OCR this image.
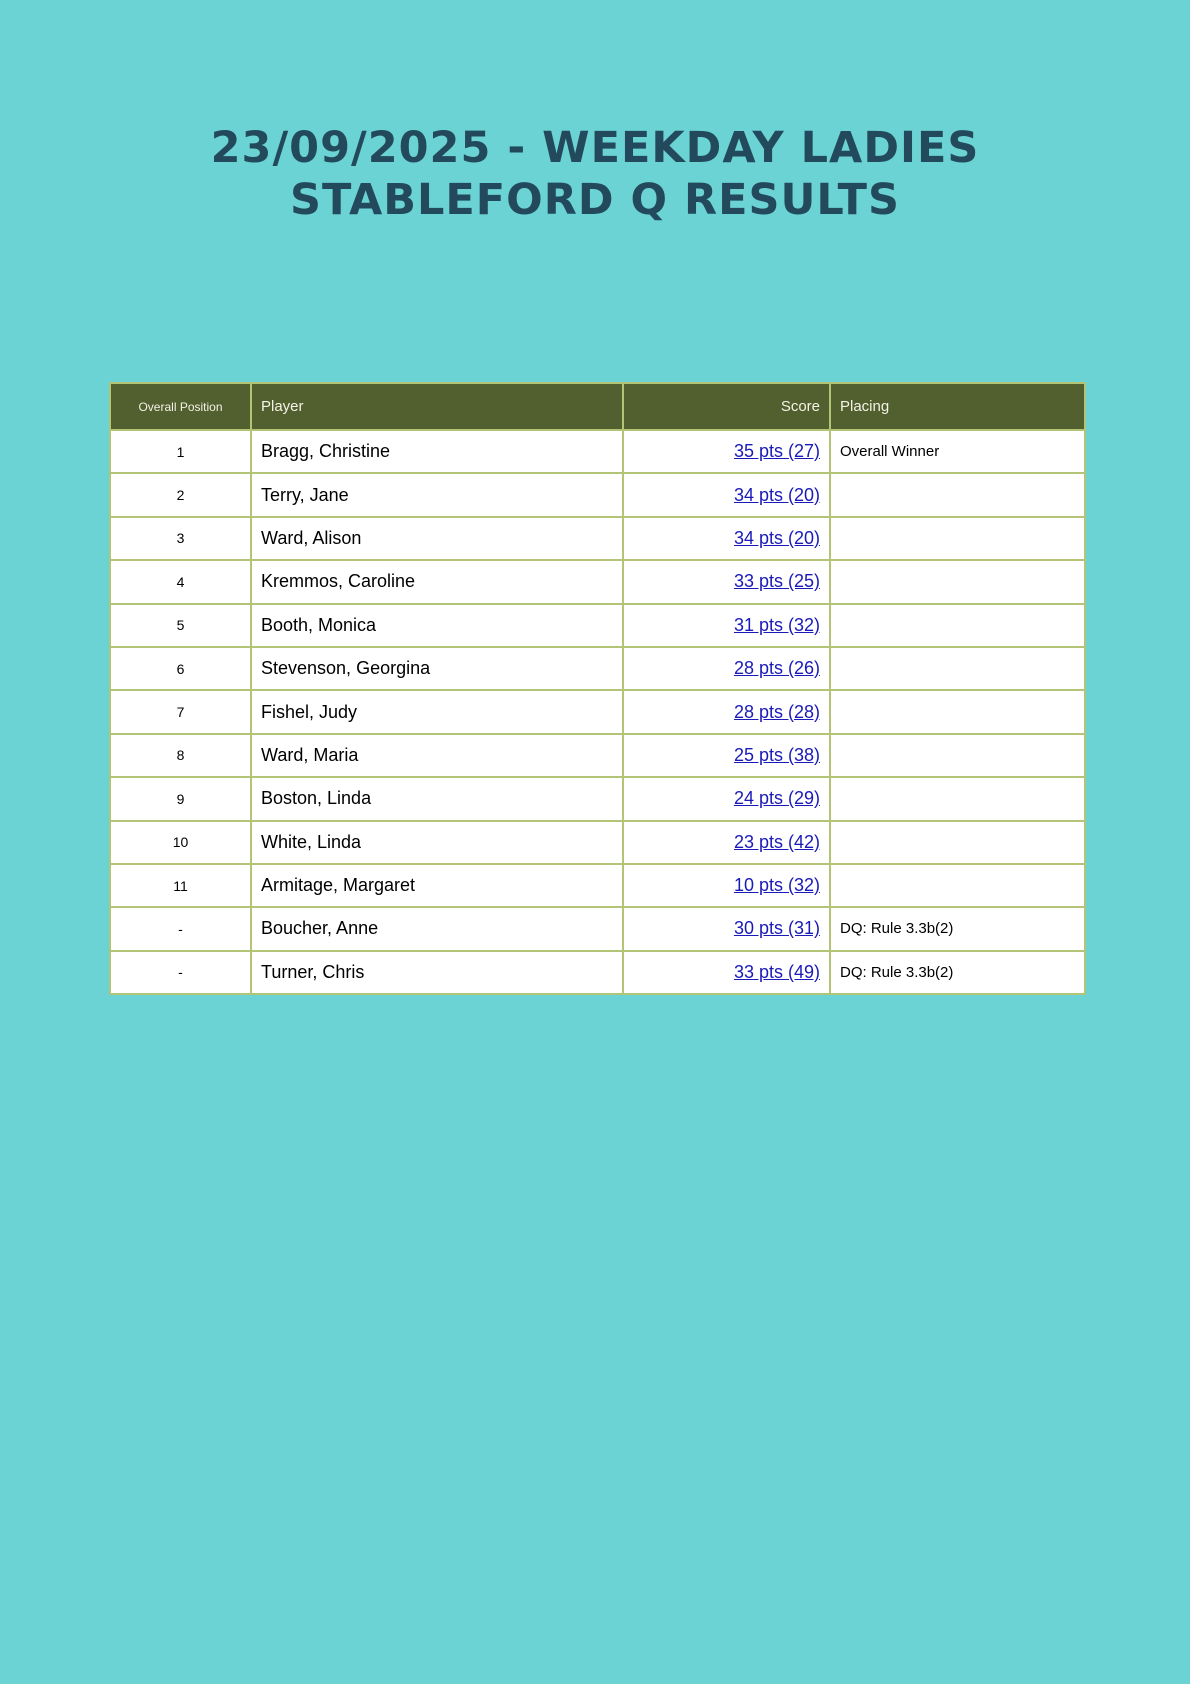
23/09/2025 - WEEKDAY LADIES STABLEFORD Q RESULTS
Overall Position	Player	Score	Placing
1	Bragg, Christine	35 pts (27)	Overall Winner
2	Terry, Jane	34 pts (20)	
3	Ward, Alison	34 pts (20)	
4	Kremmos, Caroline	33 pts (25)	
5	Booth, Monica	31 pts (32)	
6	Stevenson, Georgina	28 pts (26)	
7	Fishel, Judy	28 pts (28)	
8	Ward, Maria	25 pts (38)	
9	Boston, Linda	24 pts (29)	
10	White, Linda	23 pts (42)	
11	Armitage, Margaret	10 pts (32)	
-	Boucher, Anne	30 pts (31)	DQ: Rule 3.3b(2)
-	Turner, Chris	33 pts (49)	DQ: Rule 3.3b(2)
